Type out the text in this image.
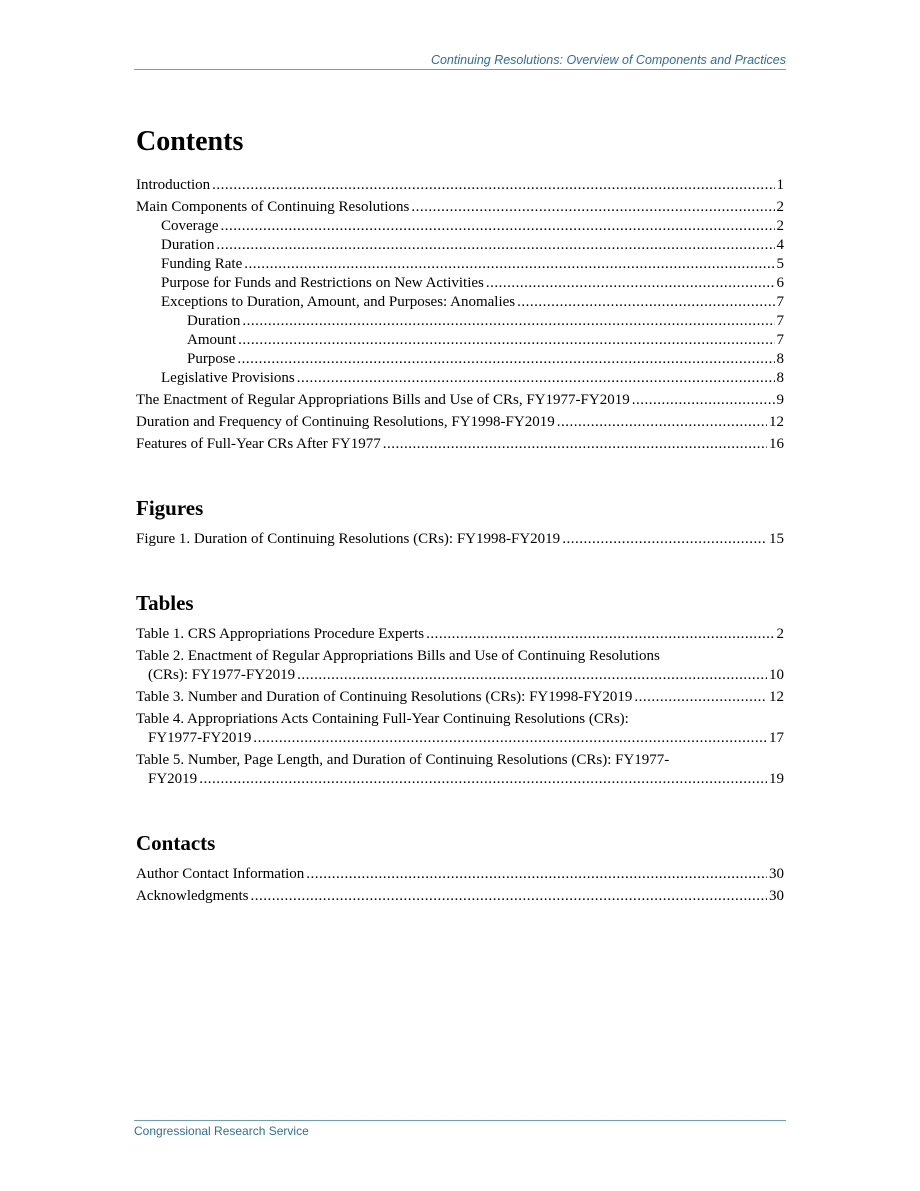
Continuing Resolutions: Overview of Components and Practices
Contents
Introduction .....	1
Main Components of Continuing Resolutions .....	2
Coverage .....	2
Duration .....	4
Funding Rate .....	5
Purpose for Funds and Restrictions on New Activities .....	6
Exceptions to Duration, Amount, and Purposes: Anomalies .....	7
Duration .....	7
Amount .....	7
Purpose .....	8
Legislative Provisions .....	8
The Enactment of Regular Appropriations Bills and Use of CRs, FY1977-FY2019 .....	9
Duration and Frequency of Continuing Resolutions, FY1998-FY2019 .....	12
Features of Full-Year CRs After FY1977 .....	16
Figures
Figure 1. Duration of Continuing Resolutions (CRs): FY1998-FY2019 .....	15
Tables
Table 1. CRS Appropriations Procedure Experts .....	2
Table 2. Enactment of Regular Appropriations Bills and Use of Continuing Resolutions
(CRs): FY1977-FY2019 .....	10
Table 3. Number and Duration of Continuing Resolutions (CRs): FY1998-FY2019 .....	12
Table 4. Appropriations Acts Containing Full-Year Continuing Resolutions (CRs):
FY1977-FY2019 .....	17
Table 5. Number, Page Length, and Duration of Continuing Resolutions (CRs): FY1977-
FY2019 .....	19
Contacts
Author Contact Information .....	30
Acknowledgments .....	30
Congressional Research Service
